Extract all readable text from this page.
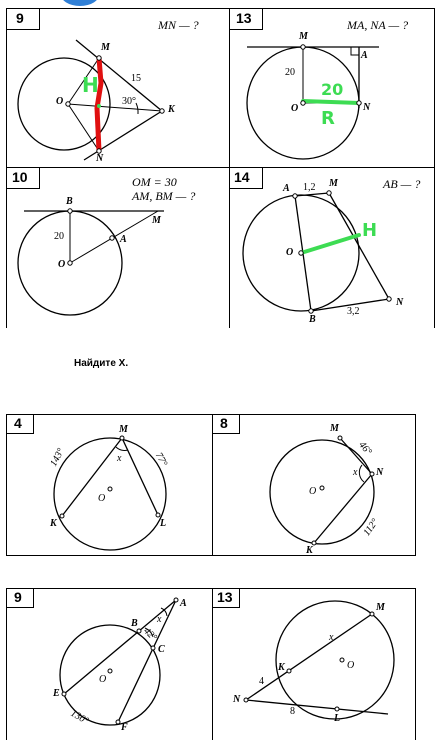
9	MN — ?
M
N
O
K
15
30°
H
13	MA, NA — ?
M
A
O	N
20
20
R
10	OM = 30
AM, BM — ?
B
M
A
O
20
14	AB — ?
A	M
O
B
N
1,2
3,2
H
Найдите X.
4	M
x
O
K	L
143°	77°
8	M
N
x
O
K
46°
112°
9	A
B x
C
E
O
F
42°
130°
13
M
x
K	O
N
L
4
8
